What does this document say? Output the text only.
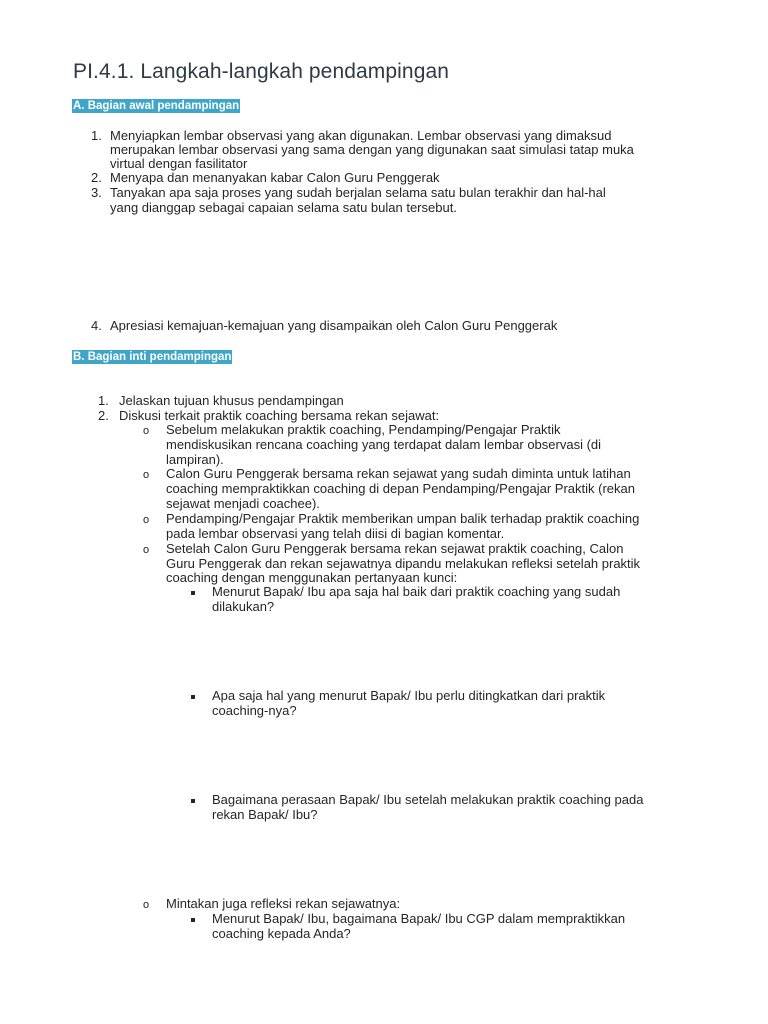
PI.4.1. Langkah-langkah pendampingan
A. Bagian awal pendampingan
1. Menyiapkan lembar observasi yang akan digunakan. Lembar observasi yang dimaksud
merupakan lembar observasi yang sama dengan yang digunakan saat simulasi tatap muka
virtual dengan fasilitator
2. Menyapa dan menanyakan kabar Calon Guru Penggerak
3. Tanyakan apa saja proses yang sudah berjalan selama satu bulan terakhir dan hal-hal
yang dianggap sebagai capaian selama satu bulan tersebut.
4. Apresiasi kemajuan-kemajuan yang disampaikan oleh Calon Guru Penggerak
B. Bagian inti pendampingan
1. Jelaskan tujuan khusus pendampingan
2. Diskusi terkait praktik coaching bersama rekan sejawat:
o Sebelum melakukan praktik coaching, Pendamping/Pengajar Praktik
mendiskusikan rencana coaching yang terdapat dalam lembar observasi (di
lampiran).
o Calon Guru Penggerak bersama rekan sejawat yang sudah diminta untuk latihan
coaching mempraktikkan coaching di depan Pendamping/Pengajar Praktik (rekan
sejawat menjadi coachee).
o Pendamping/Pengajar Praktik memberikan umpan balik terhadap praktik coaching
pada lembar observasi yang telah diisi di bagian komentar.
o Setelah Calon Guru Penggerak bersama rekan sejawat praktik coaching, Calon
Guru Penggerak dan rekan sejawatnya dipandu melakukan refleksi setelah praktik
coaching dengan menggunakan pertanyaan kunci:
Menurut Bapak/ Ibu apa saja hal baik dari praktik coaching yang sudah
dilakukan?
Apa saja hal yang menurut Bapak/ Ibu perlu ditingkatkan dari praktik
coaching-nya?
Bagaimana perasaan Bapak/ Ibu setelah melakukan praktik coaching pada
rekan Bapak/ Ibu?
o Mintakan juga refleksi rekan sejawatnya:
Menurut Bapak/ Ibu, bagaimana Bapak/ Ibu CGP dalam mempraktikkan
coaching kepada Anda?
